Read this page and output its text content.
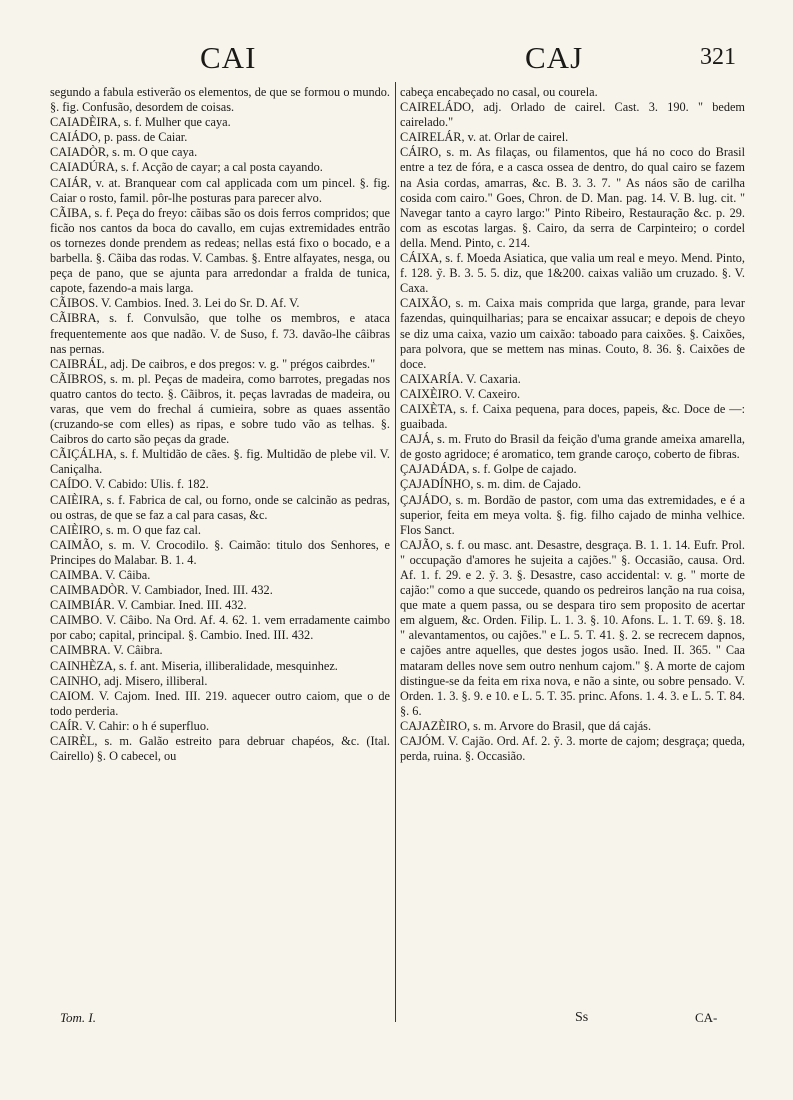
CAI	CAJ	321

segundo a fabula estiverão os elementos, de que se formou o mundo. §. fig. Confusão, desordem de coisas.

CAIADÈIRA, s. f. Mulher que caya.

CAIÁDO, p. pass. de Caiar.

CAIADÒR, s. m. O que caya.

CAIADÚRA, s. f. Acção de cayar; a cal posta cayando.

CAIÁR, v. at. Branquear com cal applicada com um pincel. §. fig. Caiar o rosto, famil. pôr-lhe posturas para parecer alvo.

CÃIBA, s. f. Peça do freyo: cãibas são os dois ferros compridos; que ficão nos cantos da boca do cavallo, em cujas extremidades entrão os tornezes donde prendem as redeas; nellas está fixo o bocado, e a barbella. §. Cãiba das rodas. V. Cambas. §. Entre alfayates, nesga, ou peça de pano, que se ajunta para arredondar a fralda de tunica, capote, fazendo-a mais larga.

CÃIBOS. V. Cambios. Ined. 3. Lei do Sr. D. Af. V.

CÃIBRA, s. f. Convulsão, que tolhe os membros, e ataca frequentemente aos que nadão. V. de Suso, f. 73. davão-lhe câibras nas pernas.

CAIBRÁL, adj. De caibros, e dos pregos: v. g. " prégos caibrdes."

CÃIBROS, s. m. pl. Peças de madeira, como barrotes, pregadas nos quatro cantos do tecto. §. Cãibros, it. peças lavradas de madeira, ou varas, que vem do frechal á cumieira, sobre as quaes assentão (cruzando-se com elles) as ripas, e sobre tudo vão as telhas. §. Caibros do carto são peças da grade.

CÃIÇÁLHA, s. f. Multidão de cães. §. fig. Multidão de plebe vil. V. Caniçalha.

CAÍDO. V. Cabido: Ulis. f. 182.

CAIÈIRA, s. f. Fabrica de cal, ou forno, onde se calcinão as pedras, ou ostras, de que se faz a cal para casas, &c.

CAIÈIRO, s. m. O que faz cal.

CAIMÃO, s. m. V. Crocodilo. §. Caimão: titulo dos Senhores, e Principes do Malabar. B. 1. 4.

CAIMBA. V. Câiba.

CAIMBADÒR. V. Cambiador, Ined. III. 432.

CAIMBIÁR. V. Cambiar. Ined. III. 432.

CAIMBO. V. Câibo. Na Ord. Af. 4. 62. 1. vem erradamente caimbo por cabo; capital, principal. §. Cambio. Ined. III. 432.

CAIMBRA. V. Câibra.

CAINHÈZA, s. f. ant. Miseria, illiberalidade, mesquinhez.

CAINHO, adj. Misero, illiberal.

CAIOM. V. Cajom. Ined. III. 219. aquecer outro caiom, que o de todo perderia.

CAÍR. V. Cahir: o h é superfluo.

CAIRÈL, s. m. Galão estreito para debruar chapéos, &c. (Ital. Cairello) §. O cabecel, ou

cabeça encabeçado no casal, ou courela.

CAIRELÁDO, adj. Orlado de cairel. Cast. 3. 190. " bedem cairelado."

CAIRELÁR, v. at. Orlar de cairel.

CÁIRO, s. m. As filaças, ou filamentos, que há no coco do Brasil entre a tez de fóra, e a casca ossea de dentro, do qual cairo se fazem na Asia cordas, amarras, &c. B. 3. 3. 7. " As náos são de carilha cosida com cairo." Goes, Chron. de D. Man. pag. 14. V. B. lug. cit. " Navegar tanto a cayro largo:" Pinto Ribeiro, Restauração &c. p. 29. com as escotas largas. §. Cairo, da serra de Carpinteiro; o cordel della. Mend. Pinto, c. 214.

CÁIXA, s. f. Moeda Asiatica, que valia um real e meyo. Mend. Pinto, f. 128. ỹ. B. 3. 5. 5. diz, que 1&200. caixas valião um cruzado. §. V. Caxa.

CAIXÃO, s. m. Caixa mais comprida que larga, grande, para levar fazendas, quinquilharias; para se encaixar assucar; e depois de cheyo se diz uma caixa, vazio um caixão: taboado para caixões. §. Caixões, para polvora, que se mettem nas minas. Couto, 8. 36. §. Caixões de doce.

CAIXARÍA. V. Caxaria.

CAIXÈIRO. V. Caxeiro.

CAIXÈTA, s. f. Caixa pequena, para doces, papeis, &c. Doce de —: guaibada.

CAJÁ, s. m. Fruto do Brasil da feição d'uma grande ameixa amarella, de gosto agridoce; é aromatico, tem grande caroço, coberto de fibras.

ÇAJADÁDA, s. f. Golpe de cajado.

ÇAJADÍNHO, s. m. dim. de Cajado.

ÇAJÁDO, s. m. Bordão de pastor, com uma das extremidades, e é a superior, feita em meya volta. §. fig. filho cajado de minha velhice. Flos Sanct.

CAJÃO, s. f. ou masc. ant. Desastre, desgraça. B. 1. 1. 14. Eufr. Prol. " occupação d'amores he sujeita a cajões." §. Occasião, causa. Ord. Af. 1. f. 29. e 2. ỹ. 3. §. Desastre, caso accidental: v. g. " morte de cajão:" como a que succede, quando os pedreiros lanção na rua coisa, que mate a quem passa, ou se despara tiro sem proposito de acertar em alguem, &c. Orden. Filip. L. 1. 3. §. 10. Afons. L. 1. T. 69. §. 18. " alevantamentos, ou cajões." e L. 5. T. 41. §. 2. se recrecem dapnos, e cajões antre aquelles, que destes jogos usão. Ined. II. 365. " Caa mataram delles nove sem outro nenhum cajom." §. A morte de cajom distingue-se da feita em rixa nova, e não a sinte, ou sobre pensado. V. Orden. 1. 3. §. 9. e 10. e L. 5. T. 35. princ. Afons. 1. 4. 3. e L. 5. T. 84. §. 6.

CAJAZÈIRO, s. m. Arvore do Brasil, que dá cajás.

CAJÓM. V. Cajão. Ord. Af. 2. ỹ. 3. morte de cajom; desgraça; queda, perda, ruina. §. Occasião.

Tom. I.	Ss	CA-
